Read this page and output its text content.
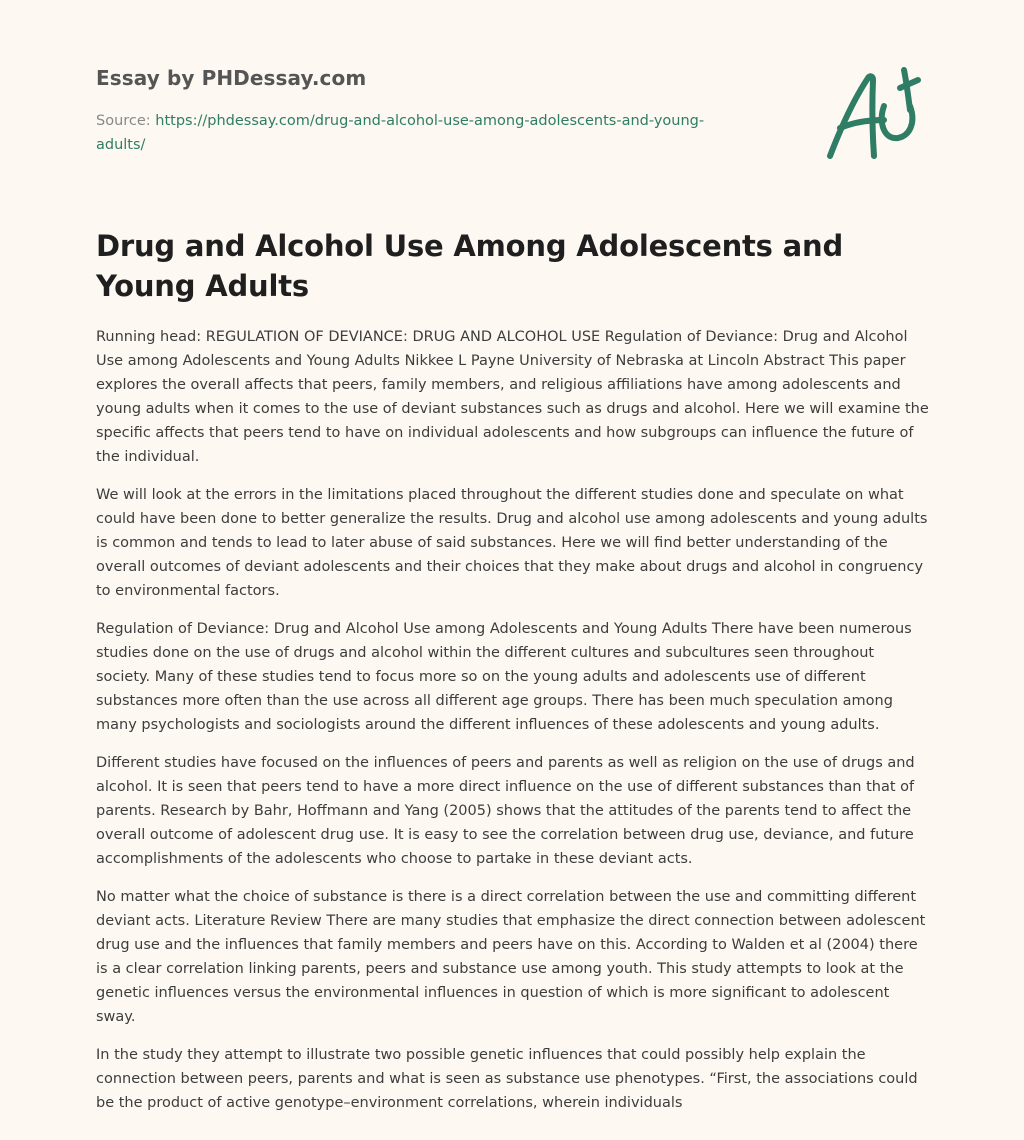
Essay by PHDessay.com
Source: https://phdessay.com/drug-and-alcohol-use-among-adolescents-and-young-adults/
Drug and Alcohol Use Among Adolescents and Young Adults

Running head: REGULATION OF DEVIANCE: DRUG AND ALCOHOL USE Regulation of Deviance: Drug and Alcohol Use among Adolescents and Young Adults Nikkee L Payne University of Nebraska at Lincoln Abstract This paper explores the overall affects that peers, family members, and religious affiliations have among adolescents and young adults when it comes to the use of deviant substances such as drugs and alcohol. Here we will examine the specific affects that peers tend to have on individual adolescents and how subgroups can influence the future of the individual.

We will look at the errors in the limitations placed throughout the different studies done and speculate on what could have been done to better generalize the results. Drug and alcohol use among adolescents and young adults is common and tends to lead to later abuse of said substances. Here we will find better understanding of the overall outcomes of deviant adolescents and their choices that they make about drugs and alcohol in congruency to environmental factors.

Regulation of Deviance: Drug and Alcohol Use among Adolescents and Young Adults There have been numerous studies done on the use of drugs and alcohol within the different cultures and subcultures seen throughout society. Many of these studies tend to focus more so on the young adults and adolescents use of different substances more often than the use across all different age groups. There has been much speculation among many psychologists and sociologists around the different influences of these adolescents and young adults.

Different studies have focused on the influences of peers and parents as well as religion on the use of drugs and alcohol. It is seen that peers tend to have a more direct influence on the use of different substances than that of parents. Research by Bahr, Hoffmann and Yang (2005) shows that the attitudes of the parents tend to affect the overall outcome of adolescent drug use. It is easy to see the correlation between drug use, deviance, and future accomplishments of the adolescents who choose to partake in these deviant acts.

No matter what the choice of substance is there is a direct correlation between the use and committing different deviant acts. Literature Review There are many studies that emphasize the direct connection between adolescent drug use and the influences that family members and peers have on this. According to Walden et al (2004) there is a clear correlation linking parents, peers and substance use among youth. This study attempts to look at the genetic influences versus the environmental influences in question of which is more significant to adolescent sway.

In the study they attempt to illustrate two possible genetic influences that could possibly help explain the connection between peers, parents and what is seen as substance use phenotypes. “First, the associations could be the product of active genotype–environment correlations, wherein individuals
